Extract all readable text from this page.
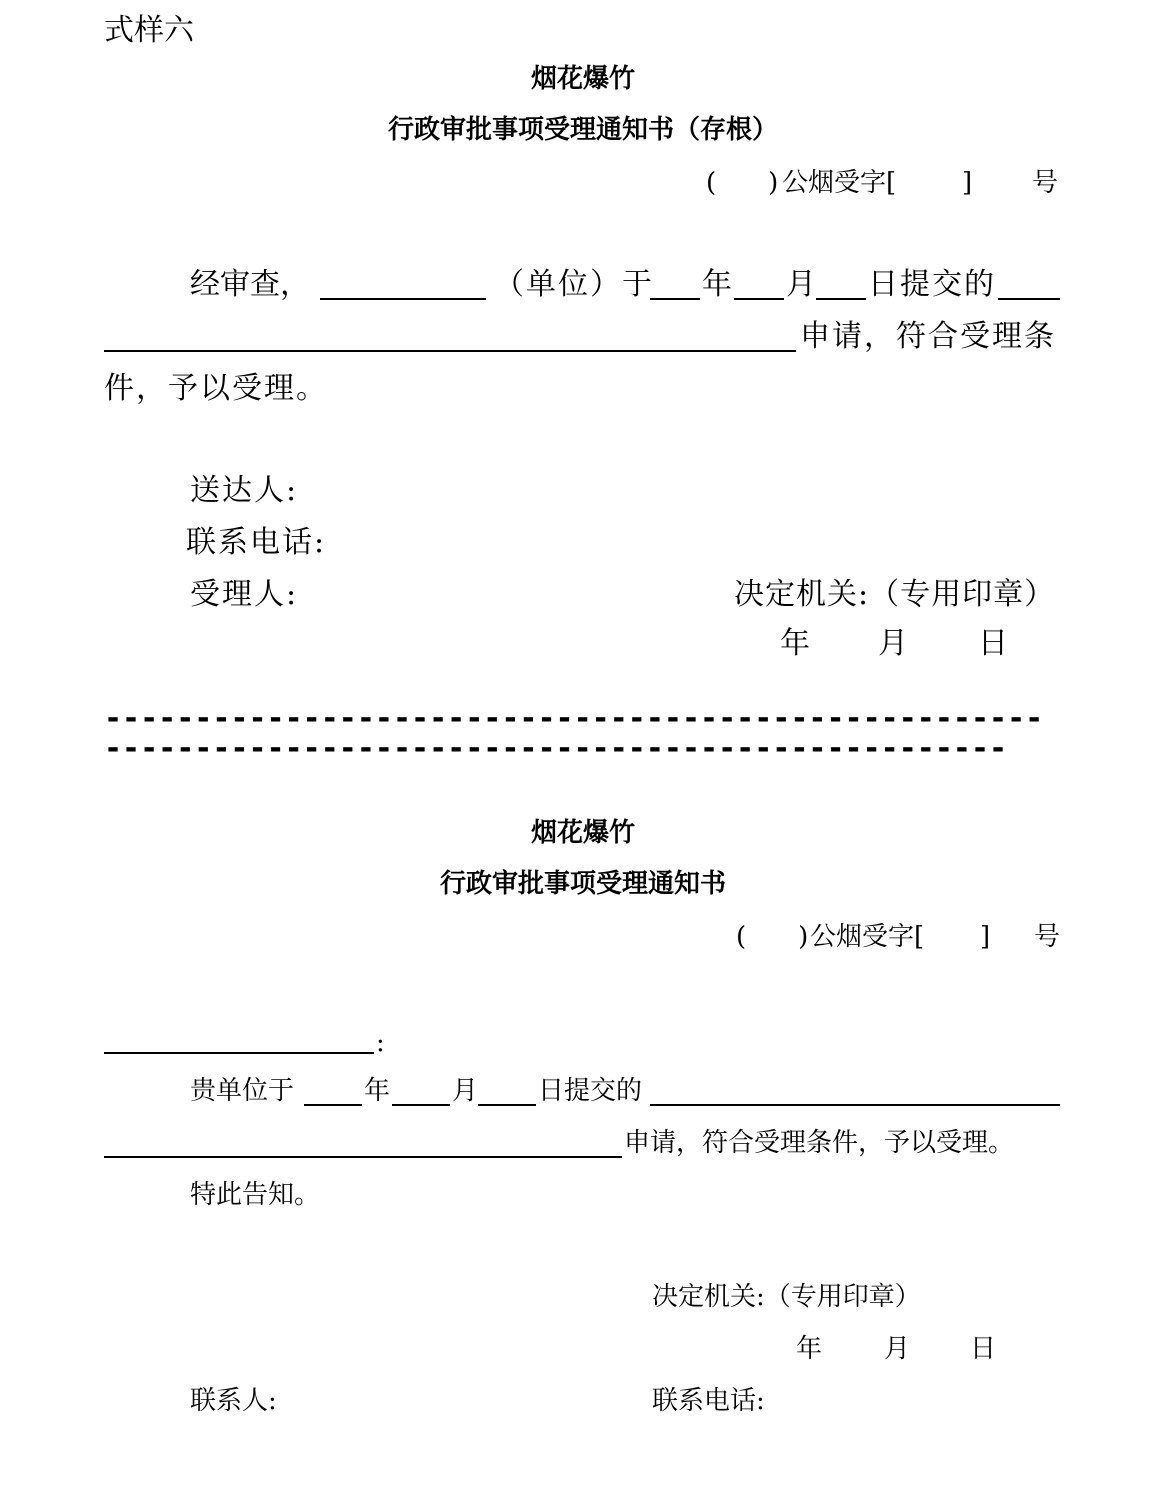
式样六
烟花爆竹
行政审批事项受理通知书（存根）
(　　) 公烟受字[	] 号
经审查，	（单位）于 年 月 日提交的
申请，符合受理条
件，予以受理。
送达人:
联系电话:
受理人:	决定机关:（专用印章）
年 月 日
------------------------------------------------------------------------------------------------------
烟花爆竹
行政审批事项受理通知书
(　　) 公烟受字[ ] 号
:
贵单位于	年 月 日提交的
申请，符合受理条件，予以受理。
特此告知。
决定机关:（专用印章）
年 月 日
联系人:	联系电话:
